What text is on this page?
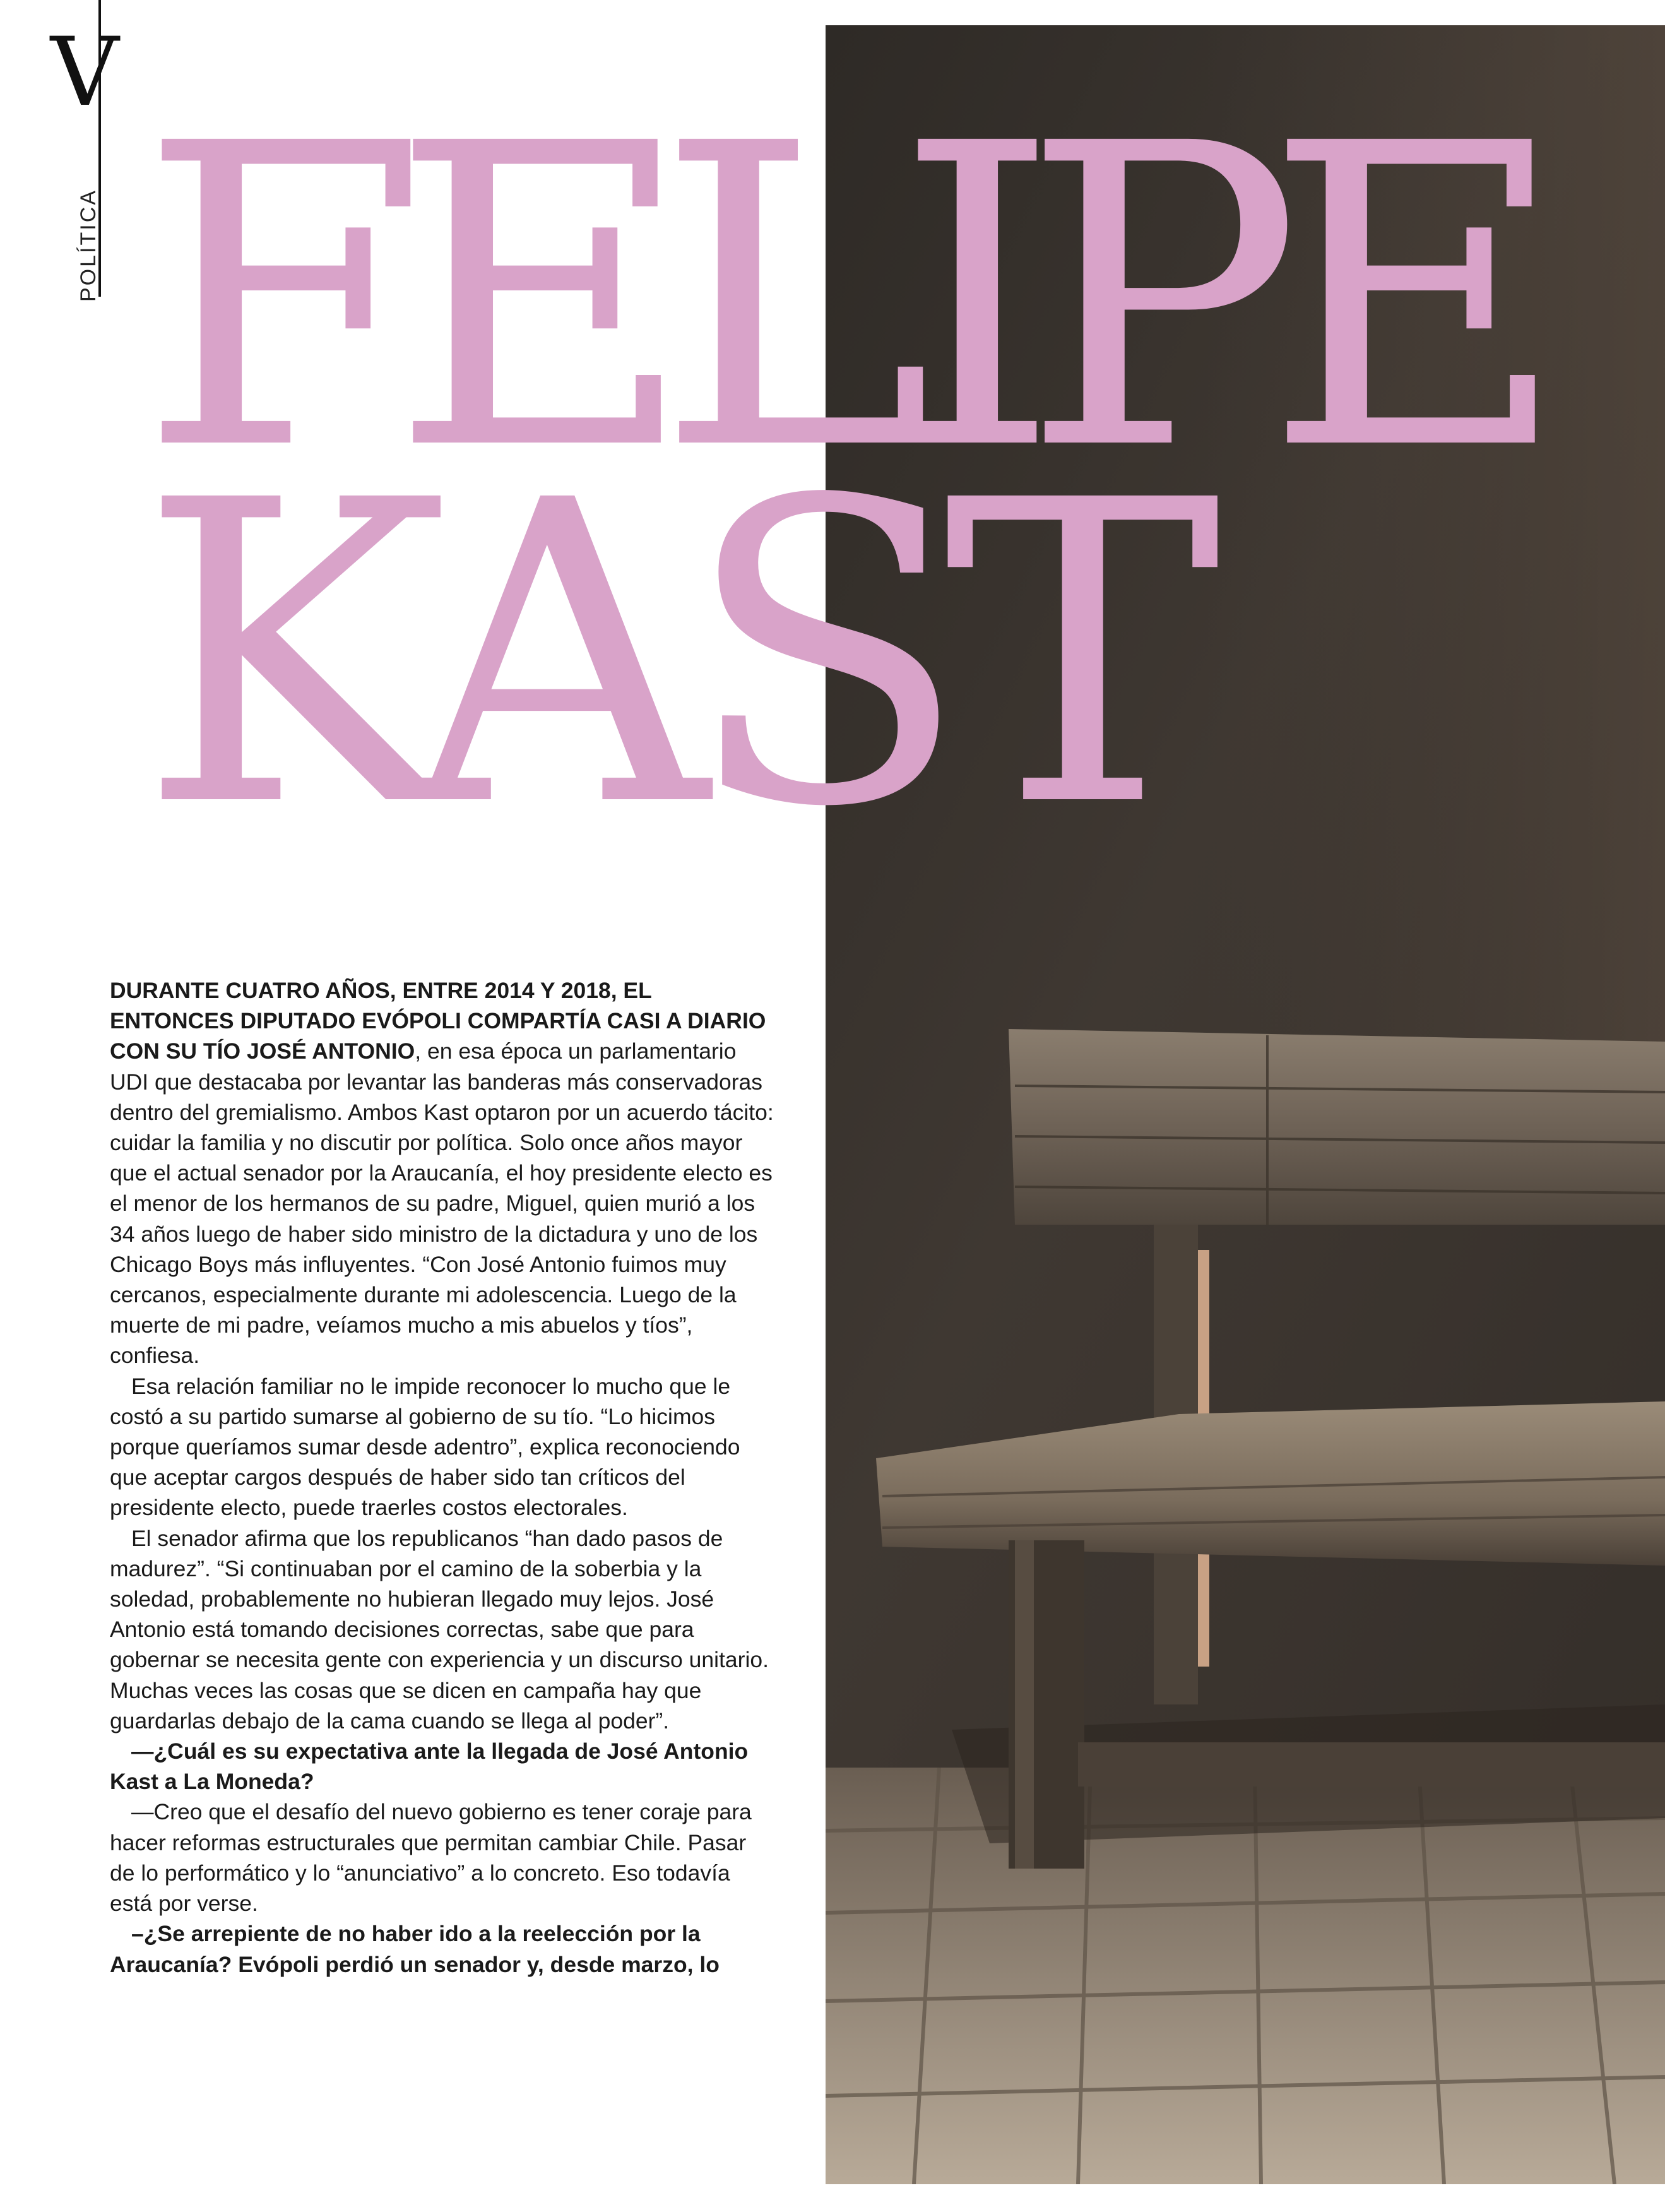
V
POLÍTICA FELIPE
KAST

DURANTE CUATRO AÑOS, ENTRE 2014 Y 2018, EL ENTONCES DIPUTADO EVÓPOLI COMPARTÍA CASI A DIARIO CON SU TÍO JOSÉ ANTONIO, en esa época un parlamentario UDI que destacaba por levantar las banderas más conservadoras dentro del gremialismo. Ambos Kast optaron por un acuerdo tácito: cuidar la familia y no discutir por política. Solo once años mayor que el actual senador por la Araucanía, el hoy presidente electo es el menor de los hermanos de su padre, Miguel, quien murió a los 34 años luego de haber sido ministro de la dictadura y uno de los Chicago Boys más influyentes. “Con José Antonio fuimos muy cercanos, especialmente durante mi adolescencia. Luego de la muerte de mi padre, veíamos mucho a mis abuelos y tíos”, confiesa.

Esa relación familiar no le impide reconocer lo mucho que le costó a su partido sumarse al gobierno de su tío. “Lo hicimos porque queríamos sumar desde adentro”, explica reconociendo que aceptar cargos después de haber sido tan críticos del presidente electo, puede traerles costos electorales.

El senador afirma que los republicanos “han dado pasos de madurez”. “Si continuaban por el camino de la soberbia y la soledad, probablemente no hubieran llegado muy lejos. José Antonio está tomando decisiones correctas, sabe que para gobernar se necesita gente con experiencia y un discurso unitario. Muchas veces las cosas que se dicen en campaña hay que guardarlas debajo de la cama cuando se llega al poder”.

—¿Cuál es su expectativa ante la llegada de José Antonio Kast a La Moneda?

—Creo que el desafío del nuevo gobierno es tener coraje para hacer reformas estructurales que permitan cambiar Chile. Pasar de lo performático y lo “anunciativo” a lo concreto. Eso todavía está por verse.

–¿Se arrepiente de no haber ido a la reelección por la Araucanía? Evópoli perdió un senador y, desde marzo, lo
